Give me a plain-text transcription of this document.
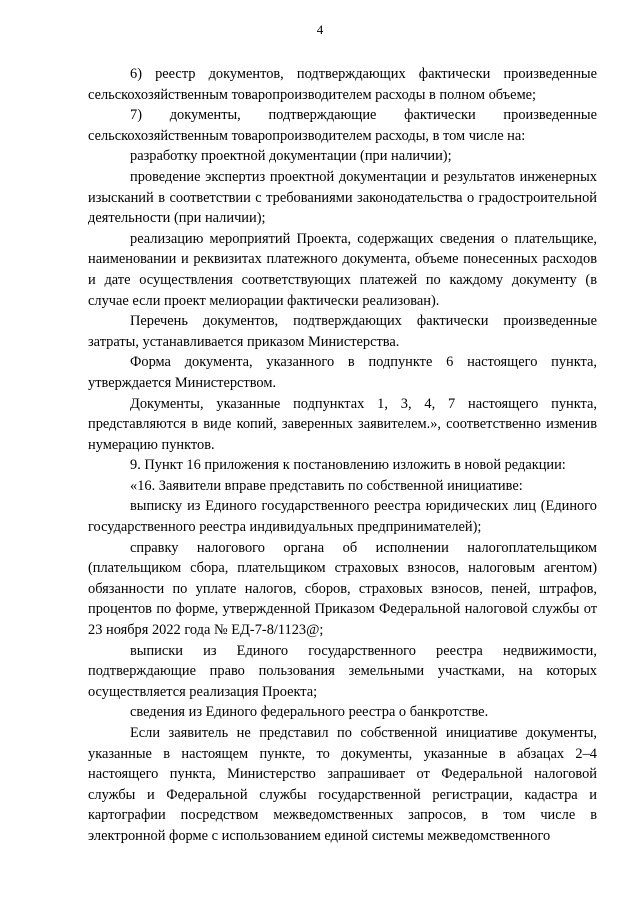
4

6) реестр документов, подтверждающих фактически произведенные сельскохозяйственным товаропроизводителем расходы в полном объеме;

7) документы, подтверждающие фактически произведенные сельскохозяйственным товаропроизводителем расходы, в том числе на:

разработку проектной документации (при наличии);

проведение экспертиз проектной документации и результатов инженерных изысканий в соответствии с требованиями законодательства о градостроительной деятельности (при наличии);

реализацию мероприятий Проекта, содержащих сведения о плательщике, наименовании и реквизитах платежного документа, объеме понесенных расходов и дате осуществления соответствующих платежей по каждому документу (в случае если проект мелиорации фактически реализован).

Перечень документов, подтверждающих фактически произведенные затраты, устанавливается приказом Министерства.

Форма документа, указанного в подпункте 6 настоящего пункта, утверждается Министерством.

Документы, указанные подпунктах 1, 3, 4, 7 настоящего пункта, представляются в виде копий, заверенных заявителем.», соответственно изменив нумерацию пунктов.

9. Пункт 16 приложения к постановлению изложить в новой редакции:

«16. Заявители вправе представить по собственной инициативе:

выписку из Единого государственного реестра юридических лиц (Единого государственного реестра индивидуальных предпринимателей);

справку налогового органа об исполнении налогоплательщиком (плательщиком сбора, плательщиком страховых взносов, налоговым агентом) обязанности по уплате налогов, сборов, страховых взносов, пеней, штрафов, процентов по форме, утвержденной Приказом Федеральной налоговой службы от 23 ноября 2022 года № ЕД-7-8/1123@;

выписки из Единого государственного реестра недвижимости, подтверждающие право пользования земельными участками, на которых осуществляется реализация Проекта;

сведения из Единого федерального реестра о банкротстве.

Если заявитель не представил по собственной инициативе документы, указанные в настоящем пункте, то документы, указанные в абзацах 2–4 настоящего пункта, Министерство запрашивает от Федеральной налоговой службы и Федеральной службы государственной регистрации, кадастра и картографии посредством межведомственных запросов, в том числе в электронной форме с использованием единой системы межведомственного
